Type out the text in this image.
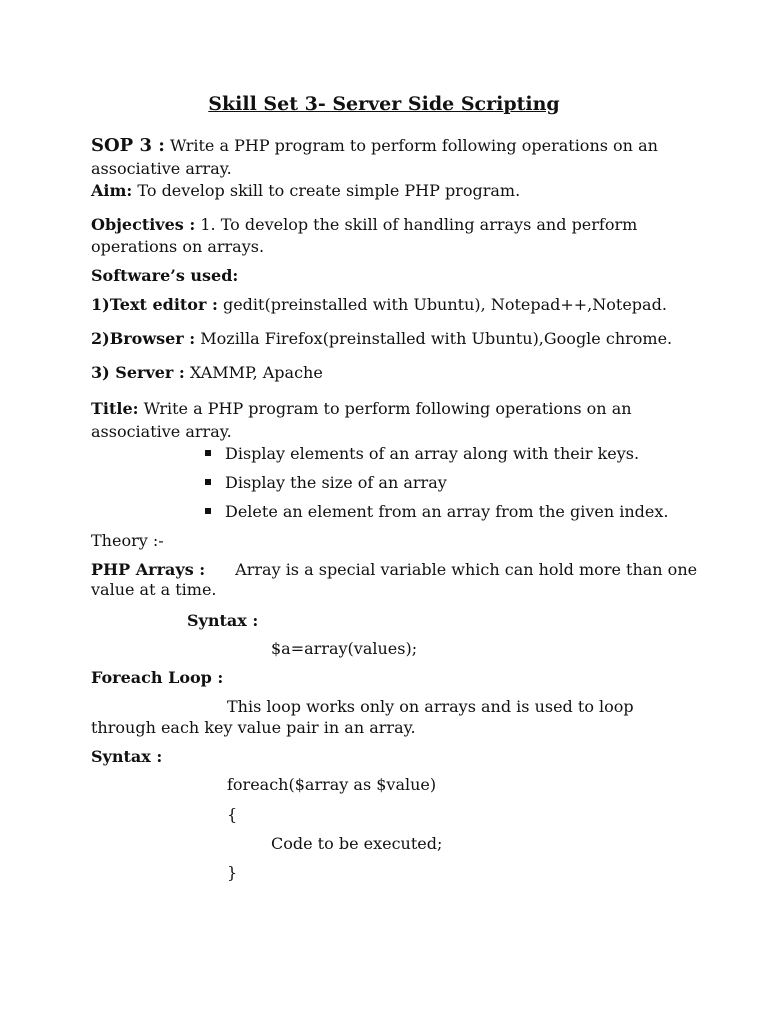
Skill Set 3- Server Side Scripting
SOP 3 : Write a PHP program to perform following operations on an
associative array.
Aim: To develop skill to create simple PHP program.
Objectives : 1. To develop the skill of handling arrays and perform
operations on arrays.
Software’s used:
1)Text editor : gedit(preinstalled with Ubuntu), Notepad++,Notepad.
2)Browser : Mozilla Firefox(preinstalled with Ubuntu),Google chrome.
3) Server : XAMMP, Apache
Title: Write a PHP program to perform following operations on an
associative array.
Display elements of an array along with their keys.
Display the size of an array
Delete an element from an array from the given index.
Theory :-
PHP Arrays : Array is a special variable which can hold more than one
value at a time.
Syntax :
$a=array(values);
Foreach Loop :
This loop works only on arrays and is used to loop
through each key value pair in an array.
Syntax :
foreach($array as $value)
{
Code to be executed;
}
